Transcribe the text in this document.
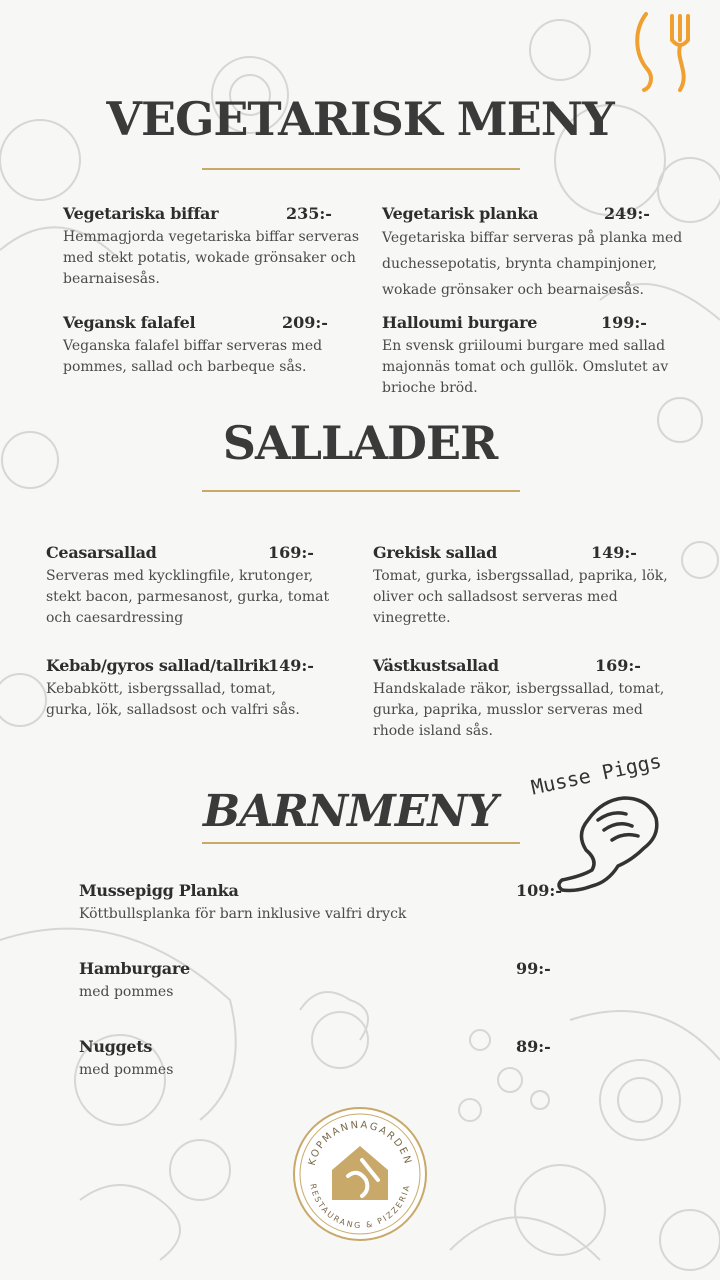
VEGETARISK MENY
Vegetariska biffar	235:-
Hemmagjorda vegetariska biffar serveras med stekt potatis, wokade grönsaker och bearnaisesås.
Vegetarisk planka	249:-
Vegetariska biffar serveras på planka med duchessepotatis, brynta champinjoner, wokade grönsaker och bearnaisesås.
Vegansk falafel	209:-
Veganska falafel biffar serveras med pommes, sallad och barbeque sås.
Halloumi burgare	199:-
En svensk griiloumi burgare med sallad majonnäs tomat och gullök. Omslutet av brioche bröd.
SALLADER
Ceasarsallad	169:-
Serveras med kycklingfile, krutonger, stekt bacon, parmesanost, gurka, tomat och caesardressing
Grekisk sallad	149:-
Tomat, gurka, isbergssallad, paprika, lök, oliver och salladsost serveras med vinegrette.
Kebab/gyros sallad/tallrik
149:-
Kebabkött, isbergssallad, tomat, gurka, lök, salladsost och valfri sås.
Västkustsallad	169:-
Handskalade räkor, isbergssallad, tomat, gurka, paprika, musslor serveras med rhode island sås.
BARNMENY
Musse Piggs
Mussepigg Planka	109:-
Köttbullsplanka för barn inklusive valfri dryck
Hamburgare	99:-
med pommes
Nuggets	89:-
med pommes
KOPMANNAGARDEN
RESTAURANG & PIZZERIA
